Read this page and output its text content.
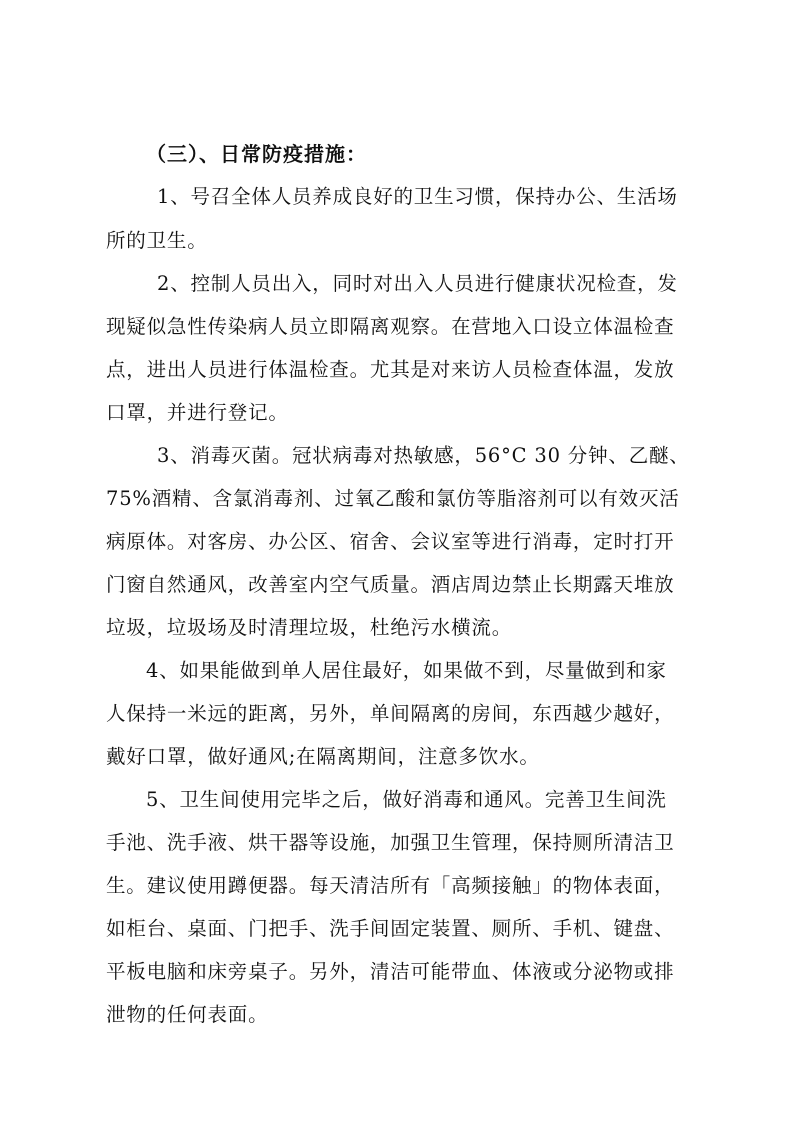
（三）、日常防疫措施：

1、号召全体人员养成良好的卫生习惯，保持办公、生活场

所的卫生。

2、控制人员出入，同时对出入人员进行健康状况检查，发

现疑似急性传染病人员立即隔离观察。在营地入口设立体温检查

点，进出人员进行体温检查。尤其是对来访人员检查体温，发放

口罩，并进行登记。

3、消毒灭菌。冠状病毒对热敏感，56°C 30 分钟、乙醚、

75%酒精、含氯消毒剂、过氧乙酸和氯仿等脂溶剂可以有效灭活

病原体。对客房、办公区、宿舍、会议室等进行消毒，定时打开

门窗自然通风，改善室内空气质量。酒店周边禁止长期露天堆放

垃圾，垃圾场及时清理垃圾，杜绝污水横流。

4、如果能做到单人居住最好，如果做不到，尽量做到和家

人保持一米远的距离，另外，单间隔离的房间，东西越少越好，

戴好口罩，做好通风;在隔离期间，注意多饮水。

5、卫生间使用完毕之后，做好消毒和通风。完善卫生间洗

手池、洗手液、烘干器等设施，加强卫生管理，保持厕所清洁卫

生。建议使用蹲便器。每天清洁所有「高频接触」的物体表面，

如柜台、桌面、门把手、洗手间固定装置、厕所、手机、键盘、

平板电脑和床旁桌子。另外，清洁可能带血、体液或分泌物或排

泄物的任何表面。
